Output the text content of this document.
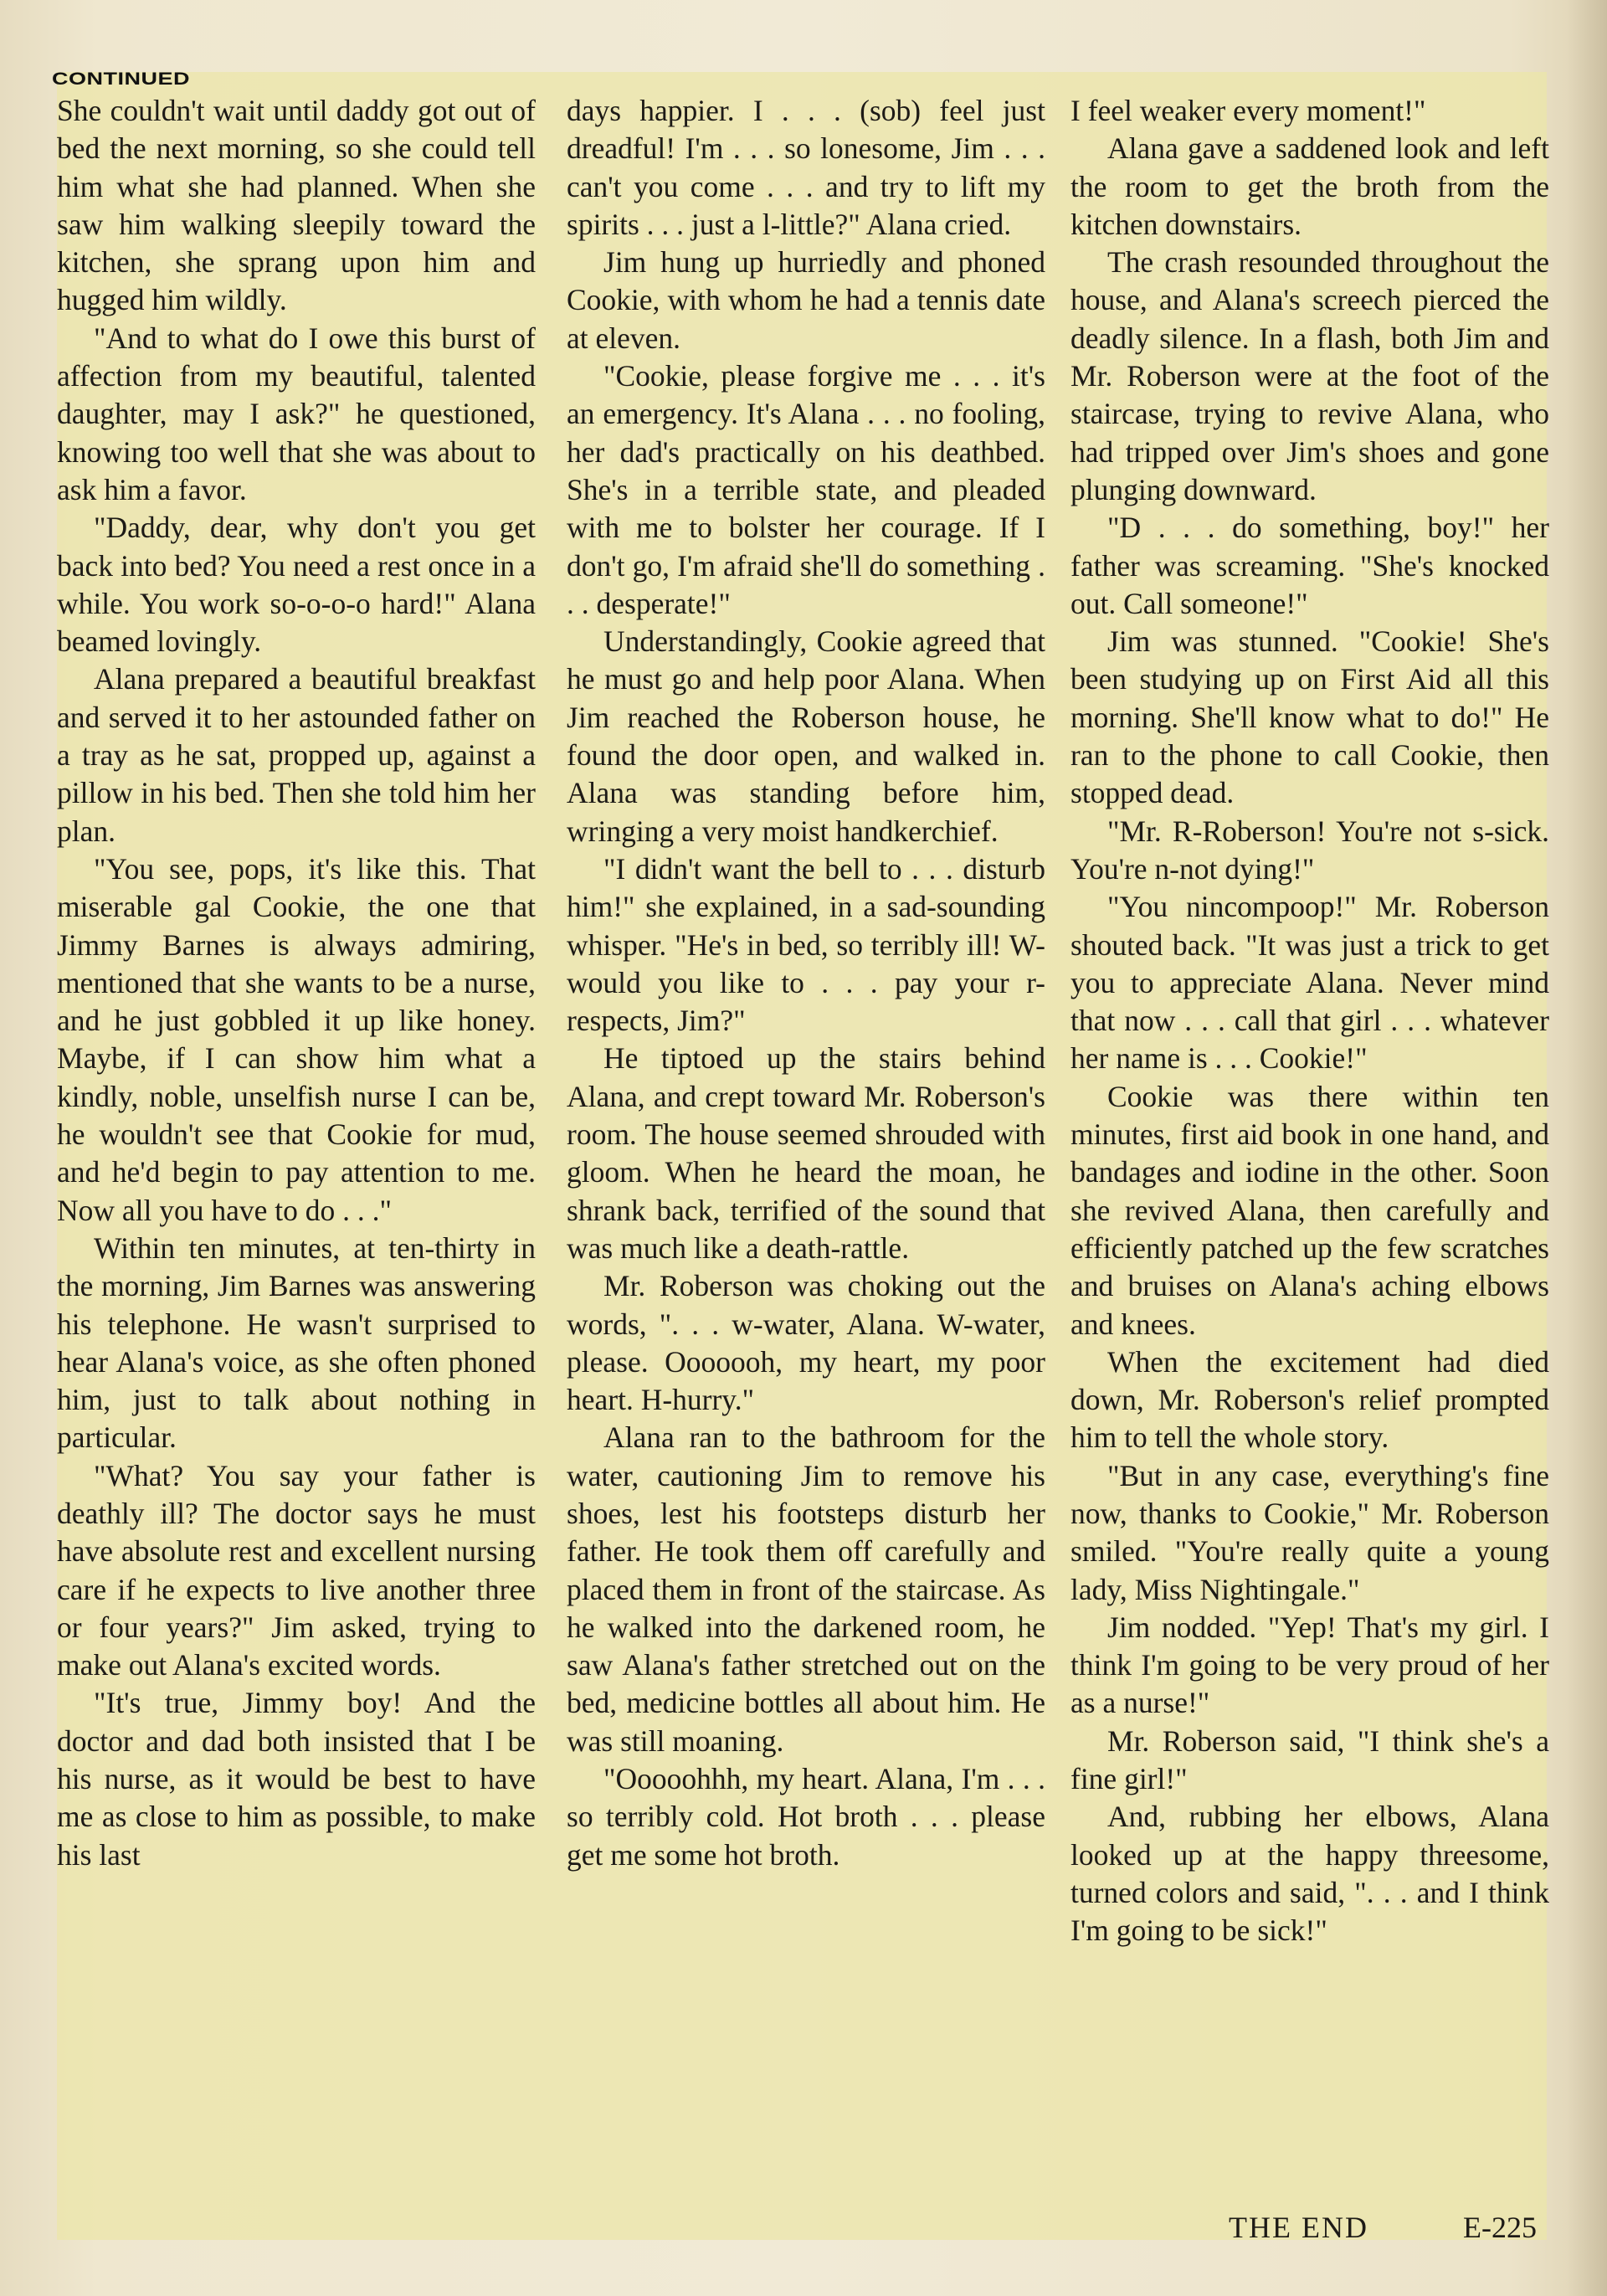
CONTINUED

She couldn't wait until daddy got out of bed the next morning, so she could tell him what she had planned. When she saw him walking sleepily toward the kitchen, she sprang upon him and hugged him wildly.

"And to what do I owe this burst of affection from my beautiful, talented daughter, may I ask?" he questioned, knowing too well that she was about to ask him a favor.

"Daddy, dear, why don't you get back into bed? You need a rest once in a while. You work so-o-o-o hard!" Alana beamed lovingly.

Alana prepared a beautiful breakfast and served it to her astounded father on a tray as he sat, propped up, against a pillow in his bed. Then she told him her plan.

"You see, pops, it's like this. That miserable gal Cookie, the one that Jimmy Barnes is always admiring, mentioned that she wants to be a nurse, and he just gobbled it up like honey. Maybe, if I can show him what a kindly, noble, unselfish nurse I can be, he wouldn't see that Cookie for mud, and he'd begin to pay attention to me. Now all you have to do . . ."

Within ten minutes, at ten-thirty in the morning, Jim Barnes was answering his telephone. He wasn't surprised to hear Alana's voice, as she often phoned him, just to talk about nothing in particular.

"What? You say your father is deathly ill? The doctor says he must have absolute rest and excellent nursing care if he expects to live another three or four years?" Jim asked, trying to make out Alana's excited words.

"It's true, Jimmy boy! And the doctor and dad both insisted that I be his nurse, as it would be best to have me as close to him as possible, to make his last

days happier. I . . . (sob) feel just dreadful! I'm . . . so lonesome, Jim . . . can't you come . . . and try to lift my spirits . . . just a l-little?" Alana cried.

Jim hung up hurriedly and phoned Cookie, with whom he had a tennis date at eleven.

"Cookie, please forgive me . . . it's an emergency. It's Alana . . . no fooling, her dad's practically on his deathbed. She's in a terrible state, and pleaded with me to bolster her courage. If I don't go, I'm afraid she'll do something . . . desperate!"

Understandingly, Cookie agreed that he must go and help poor Alana. When Jim reached the Roberson house, he found the door open, and walked in. Alana was standing before him, wringing a very moist handkerchief.

"I didn't want the bell to . . . disturb him!" she explained, in a sad-sounding whisper. "He's in bed, so terribly ill! W-would you like to . . . pay your r-respects, Jim?"

He tiptoed up the stairs behind Alana, and crept toward Mr. Roberson's room. The house seemed shrouded with gloom. When he heard the moan, he shrank back, terrified of the sound that was much like a death-rattle.

Mr. Roberson was choking out the words, ". . . w-water, Alana. W-water, please. Ooooooh, my heart, my poor heart. H-hurry."

Alana ran to the bathroom for the water, cautioning Jim to remove his shoes, lest his footsteps disturb her father. He took them off carefully and placed them in front of the staircase. As he walked into the darkened room, he saw Alana's father stretched out on the bed, medicine bottles all about him. He was still moaning.

"Ooooohhh, my heart. Alana, I'm . . . so terribly cold. Hot broth . . . please get me some hot broth.

I feel weaker every moment!"

Alana gave a saddened look and left the room to get the broth from the kitchen downstairs.

The crash resounded throughout the house, and Alana's screech pierced the deadly silence. In a flash, both Jim and Mr. Roberson were at the foot of the staircase, trying to revive Alana, who had tripped over Jim's shoes and gone plunging downward.

"D . . . do something, boy!" her father was screaming. "She's knocked out. Call someone!"

Jim was stunned. "Cookie! She's been studying up on First Aid all this morning. She'll know what to do!" He ran to the phone to call Cookie, then stopped dead.

"Mr. R-Roberson! You're not s-sick. You're n-not dying!"

"You nincompoop!" Mr. Roberson shouted back. "It was just a trick to get you to appreciate Alana. Never mind that now . . . call that girl . . . whatever her name is . . . Cookie!"

Cookie was there within ten minutes, first aid book in one hand, and bandages and iodine in the other. Soon she revived Alana, then carefully and efficiently patched up the few scratches and bruises on Alana's aching elbows and knees.

When the excitement had died down, Mr. Roberson's relief prompted him to tell the whole story.

"But in any case, everything's fine now, thanks to Cookie," Mr. Roberson smiled. "You're really quite a young lady, Miss Nightingale."

Jim nodded. "Yep! That's my girl. I think I'm going to be very proud of her as a nurse!"

Mr. Roberson said, "I think she's a fine girl!"

And, rubbing her elbows, Alana looked up at the happy threesome, turned colors and said, ". . . and I think I'm going to be sick!"

THE END	E-225
